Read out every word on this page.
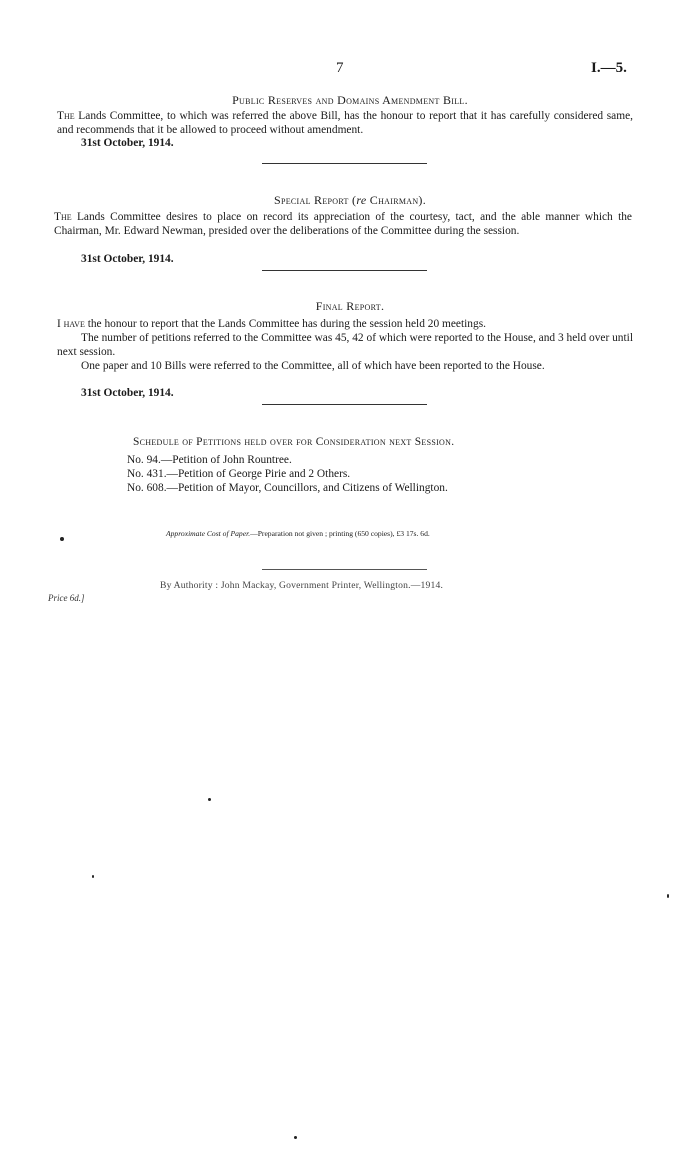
7	I.—5.
Public Reserves and Domains Amendment Bill.

The Lands Committee, to which was referred the above Bill, has the honour to report that it has carefully considered same, and recommends that it be allowed to proceed without amendment.

31st October, 1914.
Special Report (re Chairman).

The Lands Committee desires to place on record its appreciation of the courtesy, tact, and the able manner which the Chairman, Mr. Edward Newman, presided over the deliberations of the Committee during the session.

31st October, 1914.
Final Report.

I have the honour to report that the Lands Committee has during the session held 20 meetings.

The number of petitions referred to the Committee was 45, 42 of which were reported to the House, and 3 held over until next session.

One paper and 10 Bills were referred to the Committee, all of which have been reported to the House.

31st October, 1914.
Schedule of Petitions held over for Consideration next Session.
No. 94.—Petition of John Rountree.
No. 431.—Petition of George Pirie and 2 Others.
No. 608.—Petition of Mayor, Councillors, and Citizens of Wellington.
Approximate Cost of Paper.—Preparation not given ; printing (650 copies), £3 17s. 6d.
By Authority : John Mackay, Government Printer, Wellington.—1914.
Price 6d.]
